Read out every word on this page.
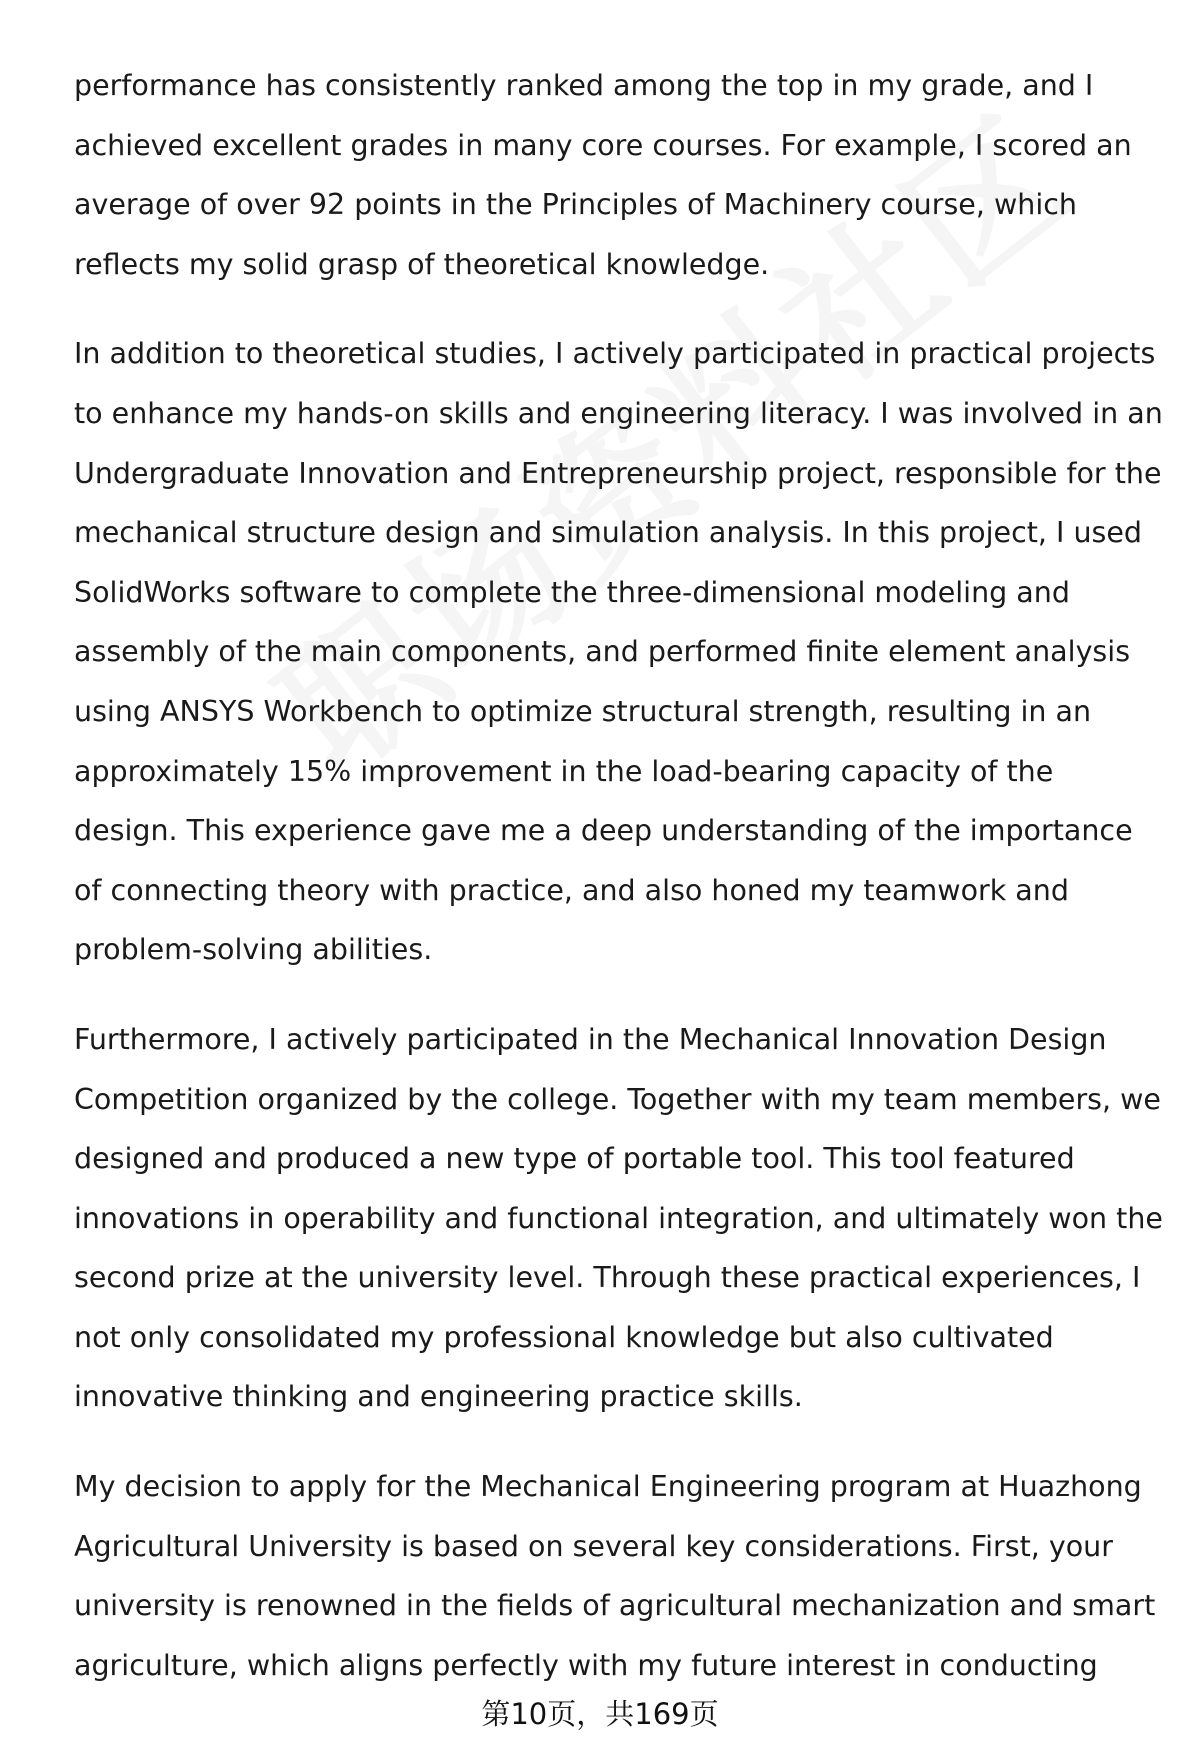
performance has consistently ranked among the top in my grade, and I achieved excellent grades in many core courses. For example, I scored an average of over 92 points in the Principles of Machinery course, which reflects my solid grasp of theoretical knowledge.

In addition to theoretical studies, I actively participated in practical projects to enhance my hands-on skills and engineering literacy. I was involved in an Undergraduate Innovation and Entrepreneurship project, responsible for the mechanical structure design and simulation analysis. In this project, I used SolidWorks software to complete the three-dimensional modeling and assembly of the main components, and performed finite element analysis using ANSYS Workbench to optimize structural strength, resulting in an approximately 15% improvement in the load-bearing capacity of the design. This experience gave me a deep understanding of the importance of connecting theory with practice, and also honed my teamwork and problem-solving abilities.

Furthermore, I actively participated in the Mechanical Innovation Design Competition organized by the college. Together with my team members, we designed and produced a new type of portable tool. This tool featured innovations in operability and functional integration, and ultimately won the second prize at the university level. Through these practical experiences, I not only consolidated my professional knowledge but also cultivated innovative thinking and engineering practice skills.

My decision to apply for the Mechanical Engineering program at Huazhong Agricultural University is based on several key considerations. First, your university is renowned in the fields of agricultural mechanization and smart agriculture, which aligns perfectly with my future interest in conducting

第10页，共169页
